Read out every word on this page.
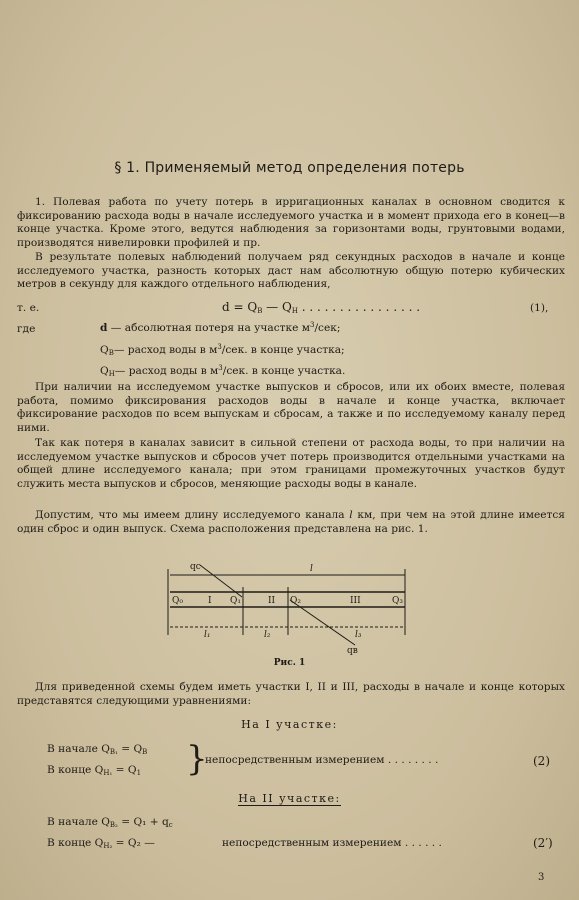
§ 1. Применяемый метод определения потерь
1. Полевая работа по учету потерь в ирригационных каналах в основном сводится к фиксированию расхода воды в начале исследуемого участка и в момент прихода его в конец—в конце участка. Кроме этого, ведутся наблюдения за горизонтами воды, грунтовыми водами, производятся нивелировки профилей и пр.
В результате полевых наблюдений получаем ряд секундных расходов в начале и конце исследуемого участка, разность которых даст нам абсолютную общую потерю кубических метров в секунду для каждого отдельного наблюдения,
т. е.	$d = Q_B$ — $Q_H$ . . . . . . . . . . . . . . . .	(1),
где	d — абсолютная потеря на участке $м^3$/сек;
$Q_B—$ расход воды в $м^3$/сек. в конце участка;
$Q_H—$ расход воды в $м^3$/сек. в конце участка.
При наличии на исследуемом участке выпусков и сбросов, или их обоих вместе, полевая работа, помимо фиксирования расходов воды в начале и конце участка, включает фиксирование расходов по всем выпускам и сбросам, а также и по исследуемому каналу перед ними.
Так как потеря в каналах зависит в сильной степени от расхода воды, то при наличии на исследуемом участке выпусков и сбросов учет потерь производится отдельными участками на общей длине исследуемого канала; при этом границами промежуточных участков будут служить места выпусков и сбросов, меняющие расходы воды в канале.
Допустим, что мы имеем длину исследуемого канала l км, при чем на этой длине имеется один сброс и один выпуск. Схема расположения представлена на рис. 1.
qc	l
Q₀	I Q₁	II Q₂	III	Q₃
l₁	l₂	l₃
qв
Рис. 1
Для приведенной схемы будем иметь участки I, II и III, расходы в начале и конце которых представятся следующими уравнениями:
На I участке:
В начале $Q_{B_1} = Q_B$
В конце $Q_{H_1} = Q_1$ }
непосредственным измерением . . . . . . . .	(2)
На II участке:
В начале $Q_{B_2} = Q_1 + q_c$
В конце $Q_{H_2} = Q_2$ —	непосредственным измерением . . . . . .	(2′)
3
